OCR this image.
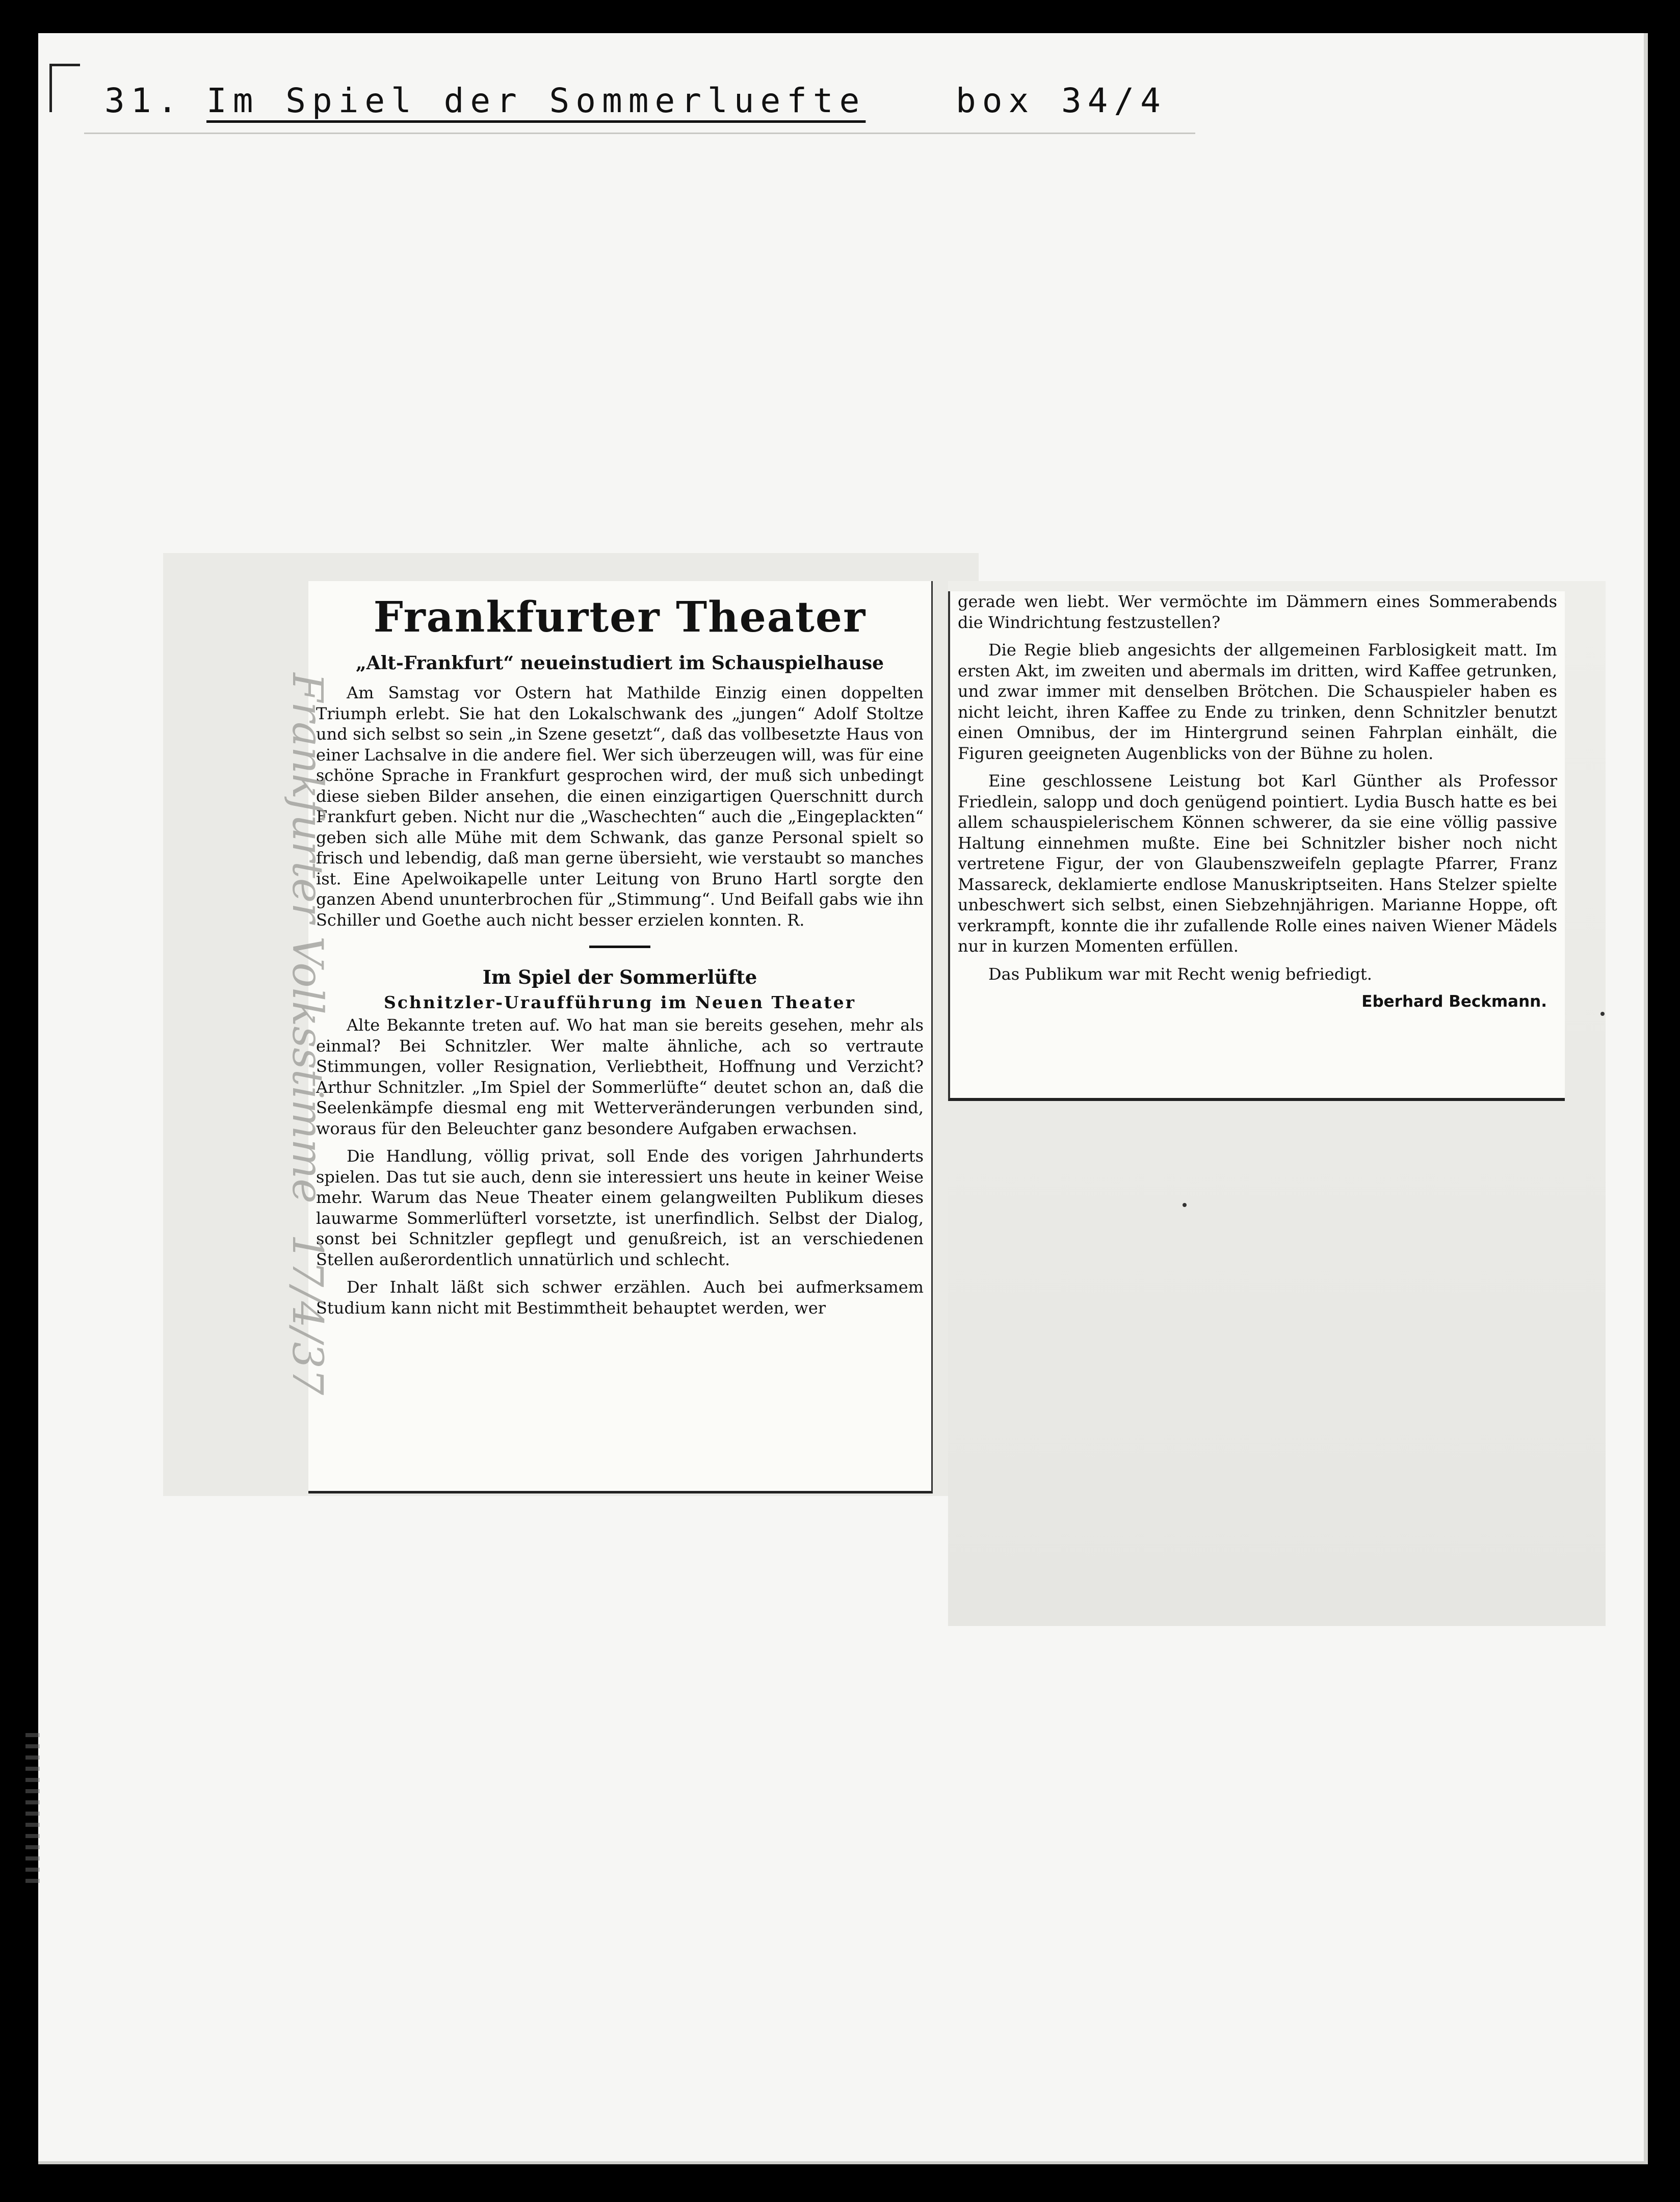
31. Im Spiel der Sommerluefte	box 34/4
Frankfurter Theater
„Alt-Frankfurt“ neueinstudiert im Schauspielhause

Am Samstag vor Ostern hat Mathilde Einzig einen doppelten Triumph erlebt. Sie hat den Lokalschwank des „jungen“ Adolf Stoltze und sich selbst so sein „in Szene gesetzt“, daß das vollbesetzte Haus von einer Lachsalve in die andere fiel. Wer sich überzeugen will, was für eine schöne Sprache in Frankfurt gesprochen wird, der muß sich unbedingt diese sieben Bilder ansehen, die einen einzigartigen Querschnitt durch Frankfurt geben. Nicht nur die „Waschechten“ auch die „Eingeplackten“ geben sich alle Mühe mit dem Schwank, das ganze Personal spielt so frisch und lebendig, daß man gerne übersieht, wie verstaubt so manches ist. Eine Apelwoikapelle unter Leitung von Bruno Hartl sorgte den ganzen Abend ununterbrochen für „Stimmung“. Und Beifall gabs wie ihn Schiller und Goethe auch nicht besser erzielen konnten. R.

Im Spiel der Sommerlüfte
Schnitzler-Uraufführung im Neuen Theater

Alte Bekannte treten auf. Wo hat man sie bereits gesehen, mehr als einmal? Bei Schnitzler. Wer malte ähnliche, ach so vertraute Stimmungen, voller Resignation, Verliebtheit, Hoffnung und Verzicht? Arthur Schnitzler. „Im Spiel der Sommerlüfte“ deutet schon an, daß die Seelenkämpfe diesmal eng mit Wetterveränderungen verbunden sind, woraus für den Beleuchter ganz besondere Aufgaben erwachsen.

Die Handlung, völlig privat, soll Ende des vorigen Jahrhunderts spielen. Das tut sie auch, denn sie interessiert uns heute in keiner Weise mehr. Warum das Neue Theater einem gelangweilten Publikum dieses lauwarme Sommerlüfterl vorsetzte, ist unerfindlich. Selbst der Dialog, sonst bei Schnitzler gepflegt und genußreich, ist an verschiedenen Stellen außerordentlich unnatürlich und schlecht.

Der Inhalt läßt sich schwer erzählen. Auch bei aufmerksamem Studium kann nicht mit Bestimmtheit behauptet werden, wer

gerade wen liebt. Wer vermöchte im Dämmern eines Sommerabends die Windrichtung festzustellen?

Die Regie blieb angesichts der allgemeinen Farblosigkeit matt. Im ersten Akt, im zweiten und abermals im dritten, wird Kaffee getrunken, und zwar immer mit denselben Brötchen. Die Schauspieler haben es nicht leicht, ihren Kaffee zu Ende zu trinken, denn Schnitzler benutzt einen Omnibus, der im Hintergrund seinen Fahrplan einhält, die Figuren geeigneten Augenblicks von der Bühne zu holen.

Eine geschlossene Leistung bot Karl Günther als Professor Friedlein, salopp und doch genügend pointiert. Lydia Busch hatte es bei allem schauspielerischem Können schwerer, da sie eine völlig passive Haltung einnehmen mußte. Eine bei Schnitzler bisher noch nicht vertretene Figur, der von Glaubenszweifeln geplagte Pfarrer, Franz Massareck, deklamierte endlose Manuskriptseiten. Hans Stelzer spielte unbeschwert sich selbst, einen Siebzehnjährigen. Marianne Hoppe, oft verkrampft, konnte die ihr zufallende Rolle eines naiven Wiener Mädels nur in kurzen Momenten erfüllen.

Das Publikum war mit Recht wenig befriedigt.

Eberhard Beckmann.
Frankfurter Volksstimme17/4/37
